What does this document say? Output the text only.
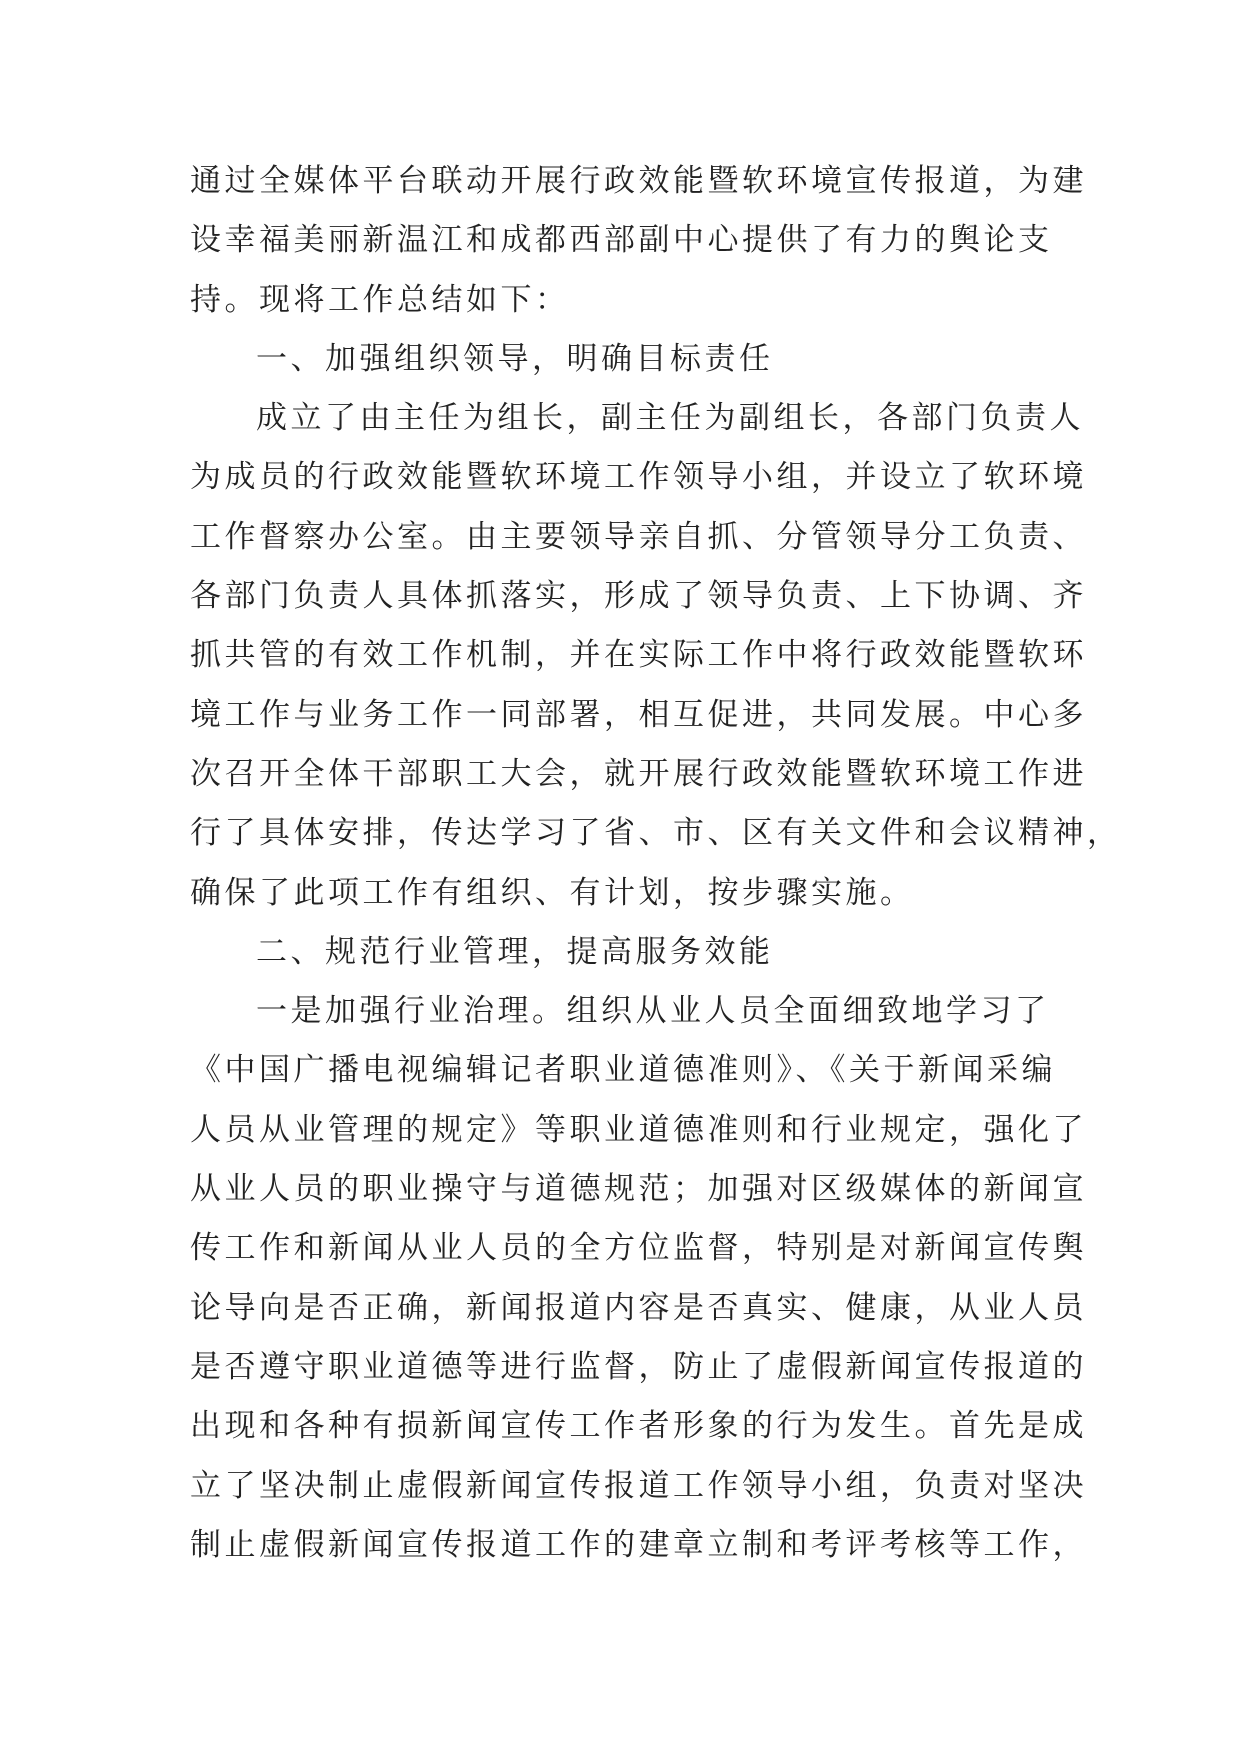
通过全媒体平台联动开展行政效能暨软环境宣传报道，为建
设幸福美丽新温江和成都西部副中心提供了有力的舆论支
持。现将工作总结如下：
一、加强组织领导，明确目标责任
成立了由主任为组长，副主任为副组长，各部门负责人
为成员的行政效能暨软环境工作领导小组，并设立了软环境
工作督察办公室。由主要领导亲自抓、分管领导分工负责、
各部门负责人具体抓落实，形成了领导负责、上下协调、齐
抓共管的有效工作机制，并在实际工作中将行政效能暨软环
境工作与业务工作一同部署，相互促进，共同发展。中心多
次召开全体干部职工大会，就开展行政效能暨软环境工作进
行了具体安排，传达学习了省、市、区有关文件和会议精神，
确保了此项工作有组织、有计划，按步骤实施。
二、规范行业管理，提高服务效能
一是加强行业治理。组织从业人员全面细致地学习了
《中国广播电视编辑记者职业道德准则》、《关于新闻采编
人员从业管理的规定》等职业道德准则和行业规定，强化了
从业人员的职业操守与道德规范；加强对区级媒体的新闻宣
传工作和新闻从业人员的全方位监督，特别是对新闻宣传舆
论导向是否正确，新闻报道内容是否真实、健康，从业人员
是否遵守职业道德等进行监督，防止了虚假新闻宣传报道的
出现和各种有损新闻宣传工作者形象的行为发生。首先是成
立了坚决制止虚假新闻宣传报道工作领导小组，负责对坚决
制止虚假新闻宣传报道工作的建章立制和考评考核等工作，
